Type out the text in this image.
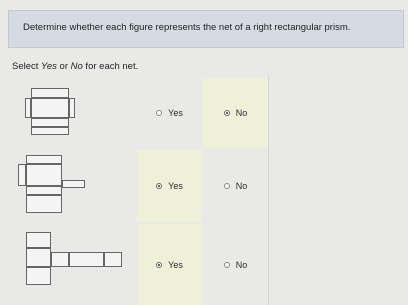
Determine whether each figure represents the net of a right rectangular prism.
Select Yes or No for each net.
Yes	No
Yes	No
Yes	No
